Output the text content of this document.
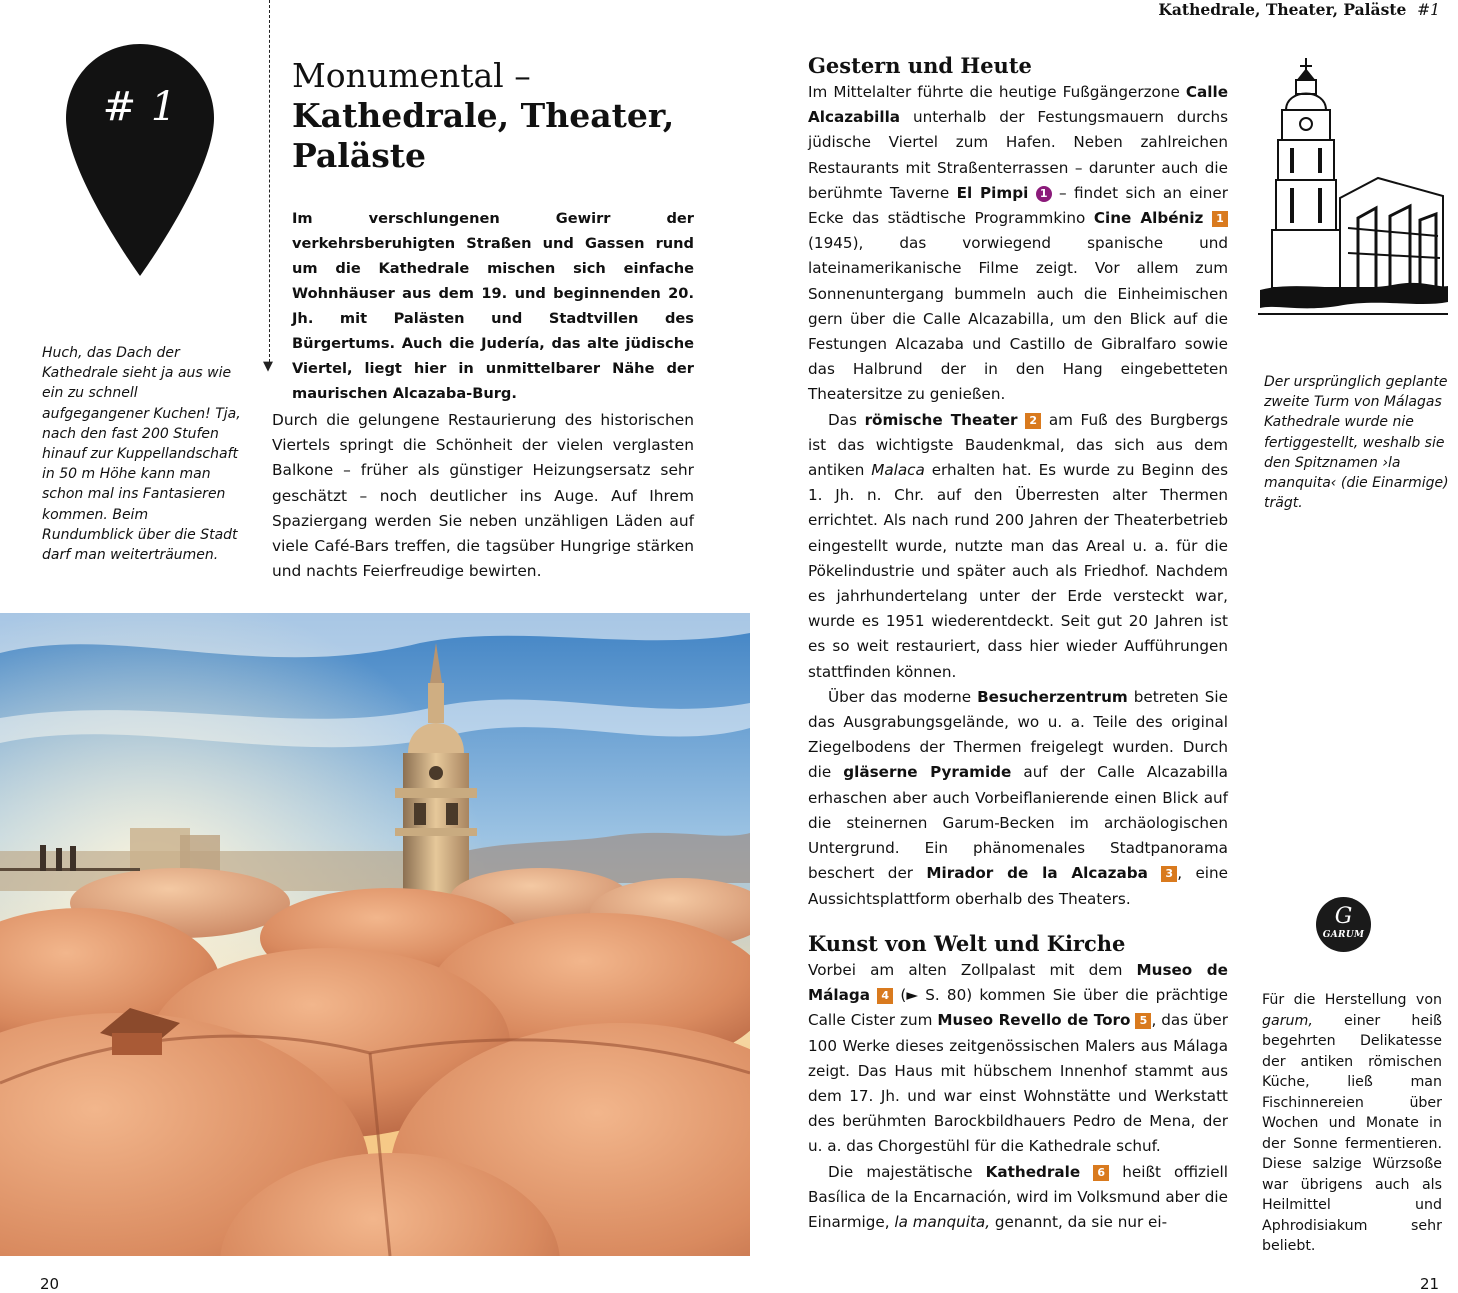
# 1
▼
Monumental –
Kathedrale, Theater,
Paläste
Im verschlungenen Gewirr der verkehrsberuhigten Straßen und Gassen rund um die Kathedrale mischen sich einfache Wohnhäuser aus dem 19. und beginnenden 20. Jh. mit Palästen und Stadtvillen des Bürgertums. Auch die Judería, das alte jüdische Viertel, liegt hier in unmittelbarer Nähe der maurischen Alcazaba-Burg.
Durch die gelungene Restaurierung des historischen Viertels springt die Schönheit der vielen verglasten Balkone – früher als günstiger Heizungsersatz sehr geschätzt – noch deutlicher ins Auge. Auf Ihrem Spaziergang werden Sie neben unzähligen Läden auf viele Café-Bars treffen, die tagsüber Hungrige stärken und nachts Feierfreudige bewirten.
Huch, das Dach der Kathedrale sieht ja aus wie ein zu schnell aufgegangener Kuchen! Tja, nach den fast 200 Stufen hinauf zur Kuppellandschaft in 50 m Höhe kann man schon mal ins Fantasieren kommen. Beim Rundumblick über die Stadt darf man weiterträumen.
20
Kathedrale, Theater, Paläste #1
Gestern und Heute

Im Mittelalter führte die heutige Fußgängerzone Calle Alcazabilla unterhalb der Festungsmauern durchs jüdische Viertel zum Hafen. Neben zahlreichen Restaurants mit Straßenterrassen – darunter auch die berühmte Taverne El Pimpi 1 – findet sich an einer Ecke das städtische Programmkino Cine Albéniz 1 (1945), das vorwiegend spanische und lateinamerikanische Filme zeigt. Vor allem zum Sonnenuntergang bummeln auch die Einheimischen gern über die Calle Alcazabilla, um den Blick auf die Festungen Alcazaba und Castillo de Gibralfaro sowie das Halbrund der in den Hang eingebetteten Theatersitze zu genießen.

Das römische Theater 2 am Fuß des Burgbergs ist das wichtigste Baudenkmal, das sich aus dem antiken Malaca erhalten hat. Es wurde zu Beginn des 1. Jh. n. Chr. auf den Überresten alter Thermen errichtet. Als nach rund 200 Jahren der Theaterbetrieb eingestellt wurde, nutzte man das Areal u. a. für die Pökelindustrie und später auch als Friedhof. Nachdem es jahrhundertelang unter der Erde versteckt war, wurde es 1951 wiederentdeckt. Seit gut 20 Jahren ist es so weit restauriert, dass hier wieder Aufführungen stattfinden können.

Über das moderne Besucherzentrum betreten Sie das Ausgrabungsgelände, wo u. a. Teile des original Ziegelbodens der Thermen freigelegt wurden. Durch die gläserne Pyramide auf der Calle Alcazabilla erhaschen aber auch Vorbeiflanierende einen Blick auf die steinernen Garum-Becken im archäologischen Untergrund. Ein phänomenales Stadtpanorama beschert der Mirador de la Alcazaba 3 , eine Aussichtsplattform oberhalb des Theaters.

Kunst von Welt und Kirche

Vorbei am alten Zollpalast mit dem Museo de Málaga 4 (► S. 80) kommen Sie über die prächtige Calle Cister zum Museo Revello de Toro 5 , das über 100 Werke dieses zeitgenössischen Malers aus Málaga zeigt. Das Haus mit hübschem Innenhof stammt aus dem 17. Jh. und war einst Wohnstätte und Werkstatt des berühmten Barockbildhauers Pedro de Mena, der u. a. das Chorgestühl für die Kathedrale schuf.

Die majestätische Kathedrale 6 heißt offiziell Basílica de la Encarnación, wird im Volksmund aber die Einarmige, la manquita, genannt, da sie nur ei-

Der ursprünglich geplante zweite Turm von Málagas Kathedrale wurde nie fertiggestellt, weshalb sie den Spitznamen ›la manquita‹ (die Einarmige) trägt.
G
GARUM
Für die Herstellung von garum, einer heiß begehrten Delikatesse der antiken römischen Küche, ließ man Fischinnereien über Wochen und Monate in der Sonne fermentieren. Diese salzige Würzsoße war übrigens auch als Heilmittel und Aphrodisiakum sehr beliebt.
21
